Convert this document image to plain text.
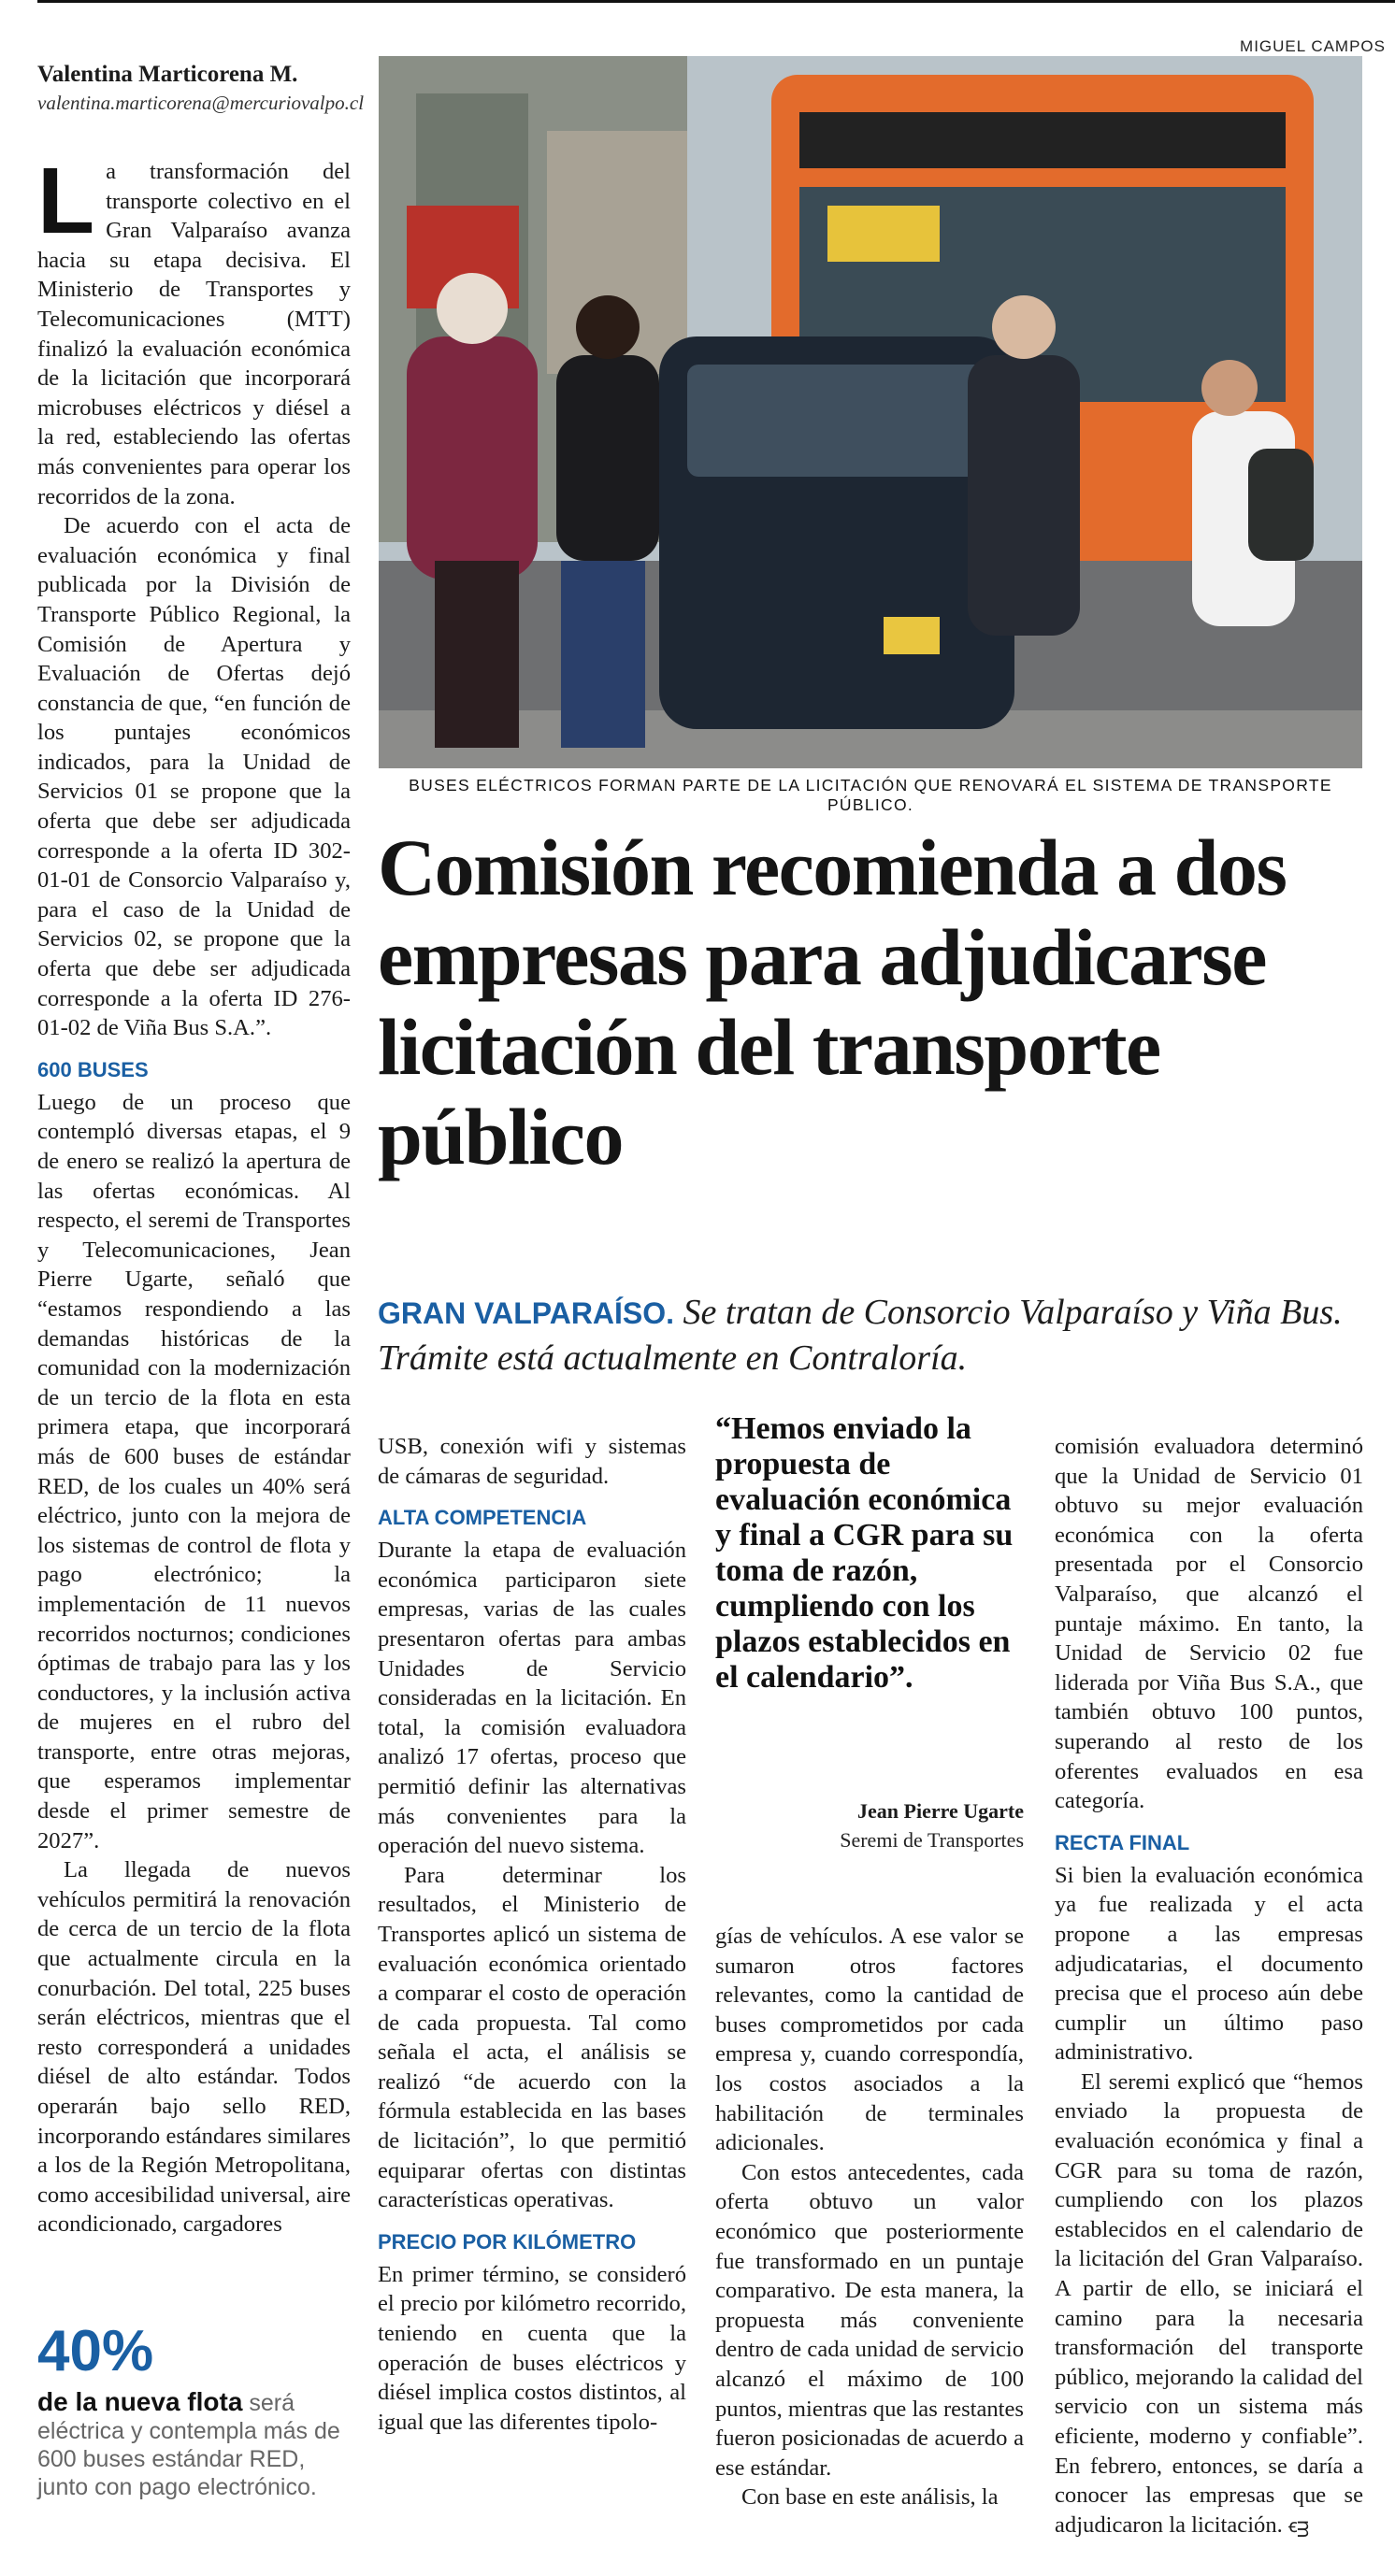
MIGUEL CAMPOS
Valentina Marticorena M.
valentina.marticorena@mercuriovalpo.cl

La transformación del transporte colectivo en el Gran Valparaíso avanza hacia su etapa decisiva. El Ministerio de Transportes y Telecomunicaciones (MTT) finalizó la evaluación económica de la licitación que incorporará microbuses eléctricos y diésel a la red, estableciendo las ofertas más convenientes para operar los recorridos de la zona.

De acuerdo con el acta de evaluación económica y final publicada por la División de Transporte Público Regional, la Comisión de Apertura y Evaluación de Ofertas dejó constancia de que, “en función de los puntajes económicos indicados, para la Unidad de Servicios 01 se propone que la oferta que debe ser adjudicada corresponde a la oferta ID 302-01-01 de Consorcio Valparaíso y, para el caso de la Unidad de Servicios 02, se propone que la oferta que debe ser adjudicada corresponde a la oferta ID 276-01-02 de Viña Bus S.A.”.

600 BUSES

Luego de un proceso que contempló diversas etapas, el 9 de enero se realizó la apertura de las ofertas económicas. Al respecto, el seremi de Transportes y Telecomunicaciones, Jean Pierre Ugarte, señaló que “estamos respondiendo a las demandas históricas de la comunidad con la modernización de un tercio de la flota en esta primera etapa, que incorporará más de 600 buses de estándar RED, de los cuales un 40% será eléctrico, junto con la mejora de los sistemas de control de flota y pago electrónico; la implementación de 11 nuevos recorridos nocturnos; condiciones óptimas de trabajo para las y los conductores, y la inclusión activa de mujeres en el rubro del transporte, entre otras mejoras, que esperamos implementar desde el primer semestre de 2027”.

La llegada de nuevos vehículos permitirá la renovación de cerca de un tercio de la flota que actualmente circula en la conurbación. Del total, 225 buses serán eléctricos, mientras que el resto corresponderá a unidades diésel de alto estándar. Todos operarán bajo sello RED, incorporando estándares similares a los de la Región Metropolitana, como accesibilidad universal, aire acondicionado, cargadores

40%
de la nueva flota será eléctrica y contempla más de 600 buses estándar RED, junto con pago electrónico.
BUSES ELÉCTRICOS FORMAN PARTE DE LA LICITACIÓN QUE RENOVARÁ EL SISTEMA DE TRANSPORTE PÚBLICO.
Comisión recomienda a dos empresas para adjudicarse licitación del transporte público
GRAN VALPARAÍSO. Se tratan de Consorcio Valparaíso y Viña Bus. Trámite está actualmente en Contraloría.

USB, conexión wifi y sistemas de cámaras de seguridad.

ALTA COMPETENCIA

Durante la etapa de evaluación económica participaron siete empresas, varias de las cuales presentaron ofertas para ambas Unidades de Servicio consideradas en la licitación. En total, la comisión evaluadora analizó 17 ofertas, proceso que permitió definir las alternativas más convenientes para la operación del nuevo sistema.

Para determinar los resultados, el Ministerio de Transportes aplicó un sistema de evaluación económica orientado a comparar el costo de operación de cada propuesta. Tal como señala el acta, el análisis se realizó “de acuerdo con la fórmula establecida en las bases de licitación”, lo que permitió equiparar ofertas con distintas características operativas.

PRECIO POR KILÓMETRO

En primer término, se consideró el precio por kilómetro recorrido, teniendo en cuenta que la operación de buses eléctricos y diésel implica costos distintos, al igual que las diferentes tipolo-

“Hemos enviado la propuesta de evaluación económica y final a CGR para su toma de razón, cumpliendo con los plazos establecidos en el calendario”.
Jean Pierre Ugarte
Seremi de Transportes

gías de vehículos. A ese valor se sumaron otros factores relevantes, como la cantidad de buses comprometidos por cada empresa y, cuando correspondía, los costos asociados a la habilitación de terminales adicionales.

Con estos antecedentes, cada oferta obtuvo un valor económico que posteriormente fue transformado en un puntaje comparativo. De esta manera, la propuesta más conveniente dentro de cada unidad de servicio alcanzó el máximo de 100 puntos, mientras que las restantes fueron posicionadas de acuerdo a ese estándar.

Con base en este análisis, la

comisión evaluadora determinó que la Unidad de Servicio 01 obtuvo su mejor evaluación económica con la oferta presentada por el Consorcio Valparaíso, que alcanzó el puntaje máximo. En tanto, la Unidad de Servicio 02 fue liderada por Viña Bus S.A., que también obtuvo 100 puntos, superando al resto de los oferentes evaluados en esa categoría.

RECTA FINAL

Si bien la evaluación económica ya fue realizada y el acta propone a las empresas adjudicatarias, el documento precisa que el proceso aún debe cumplir un último paso administrativo.

El seremi explicó que “hemos enviado la propuesta de evaluación económica y final a CGR para su toma de razón, cumpliendo con los plazos establecidos en el calendario de la licitación del Gran Valparaíso. A partir de ello, se iniciará el camino para la necesaria transformación del transporte público, mejorando la calidad del servicio con un sistema más eficiente, moderno y confiable”. En febrero, entonces, se daría a conocer las empresas que se adjudicaron la licitación. ꞓᴟ
